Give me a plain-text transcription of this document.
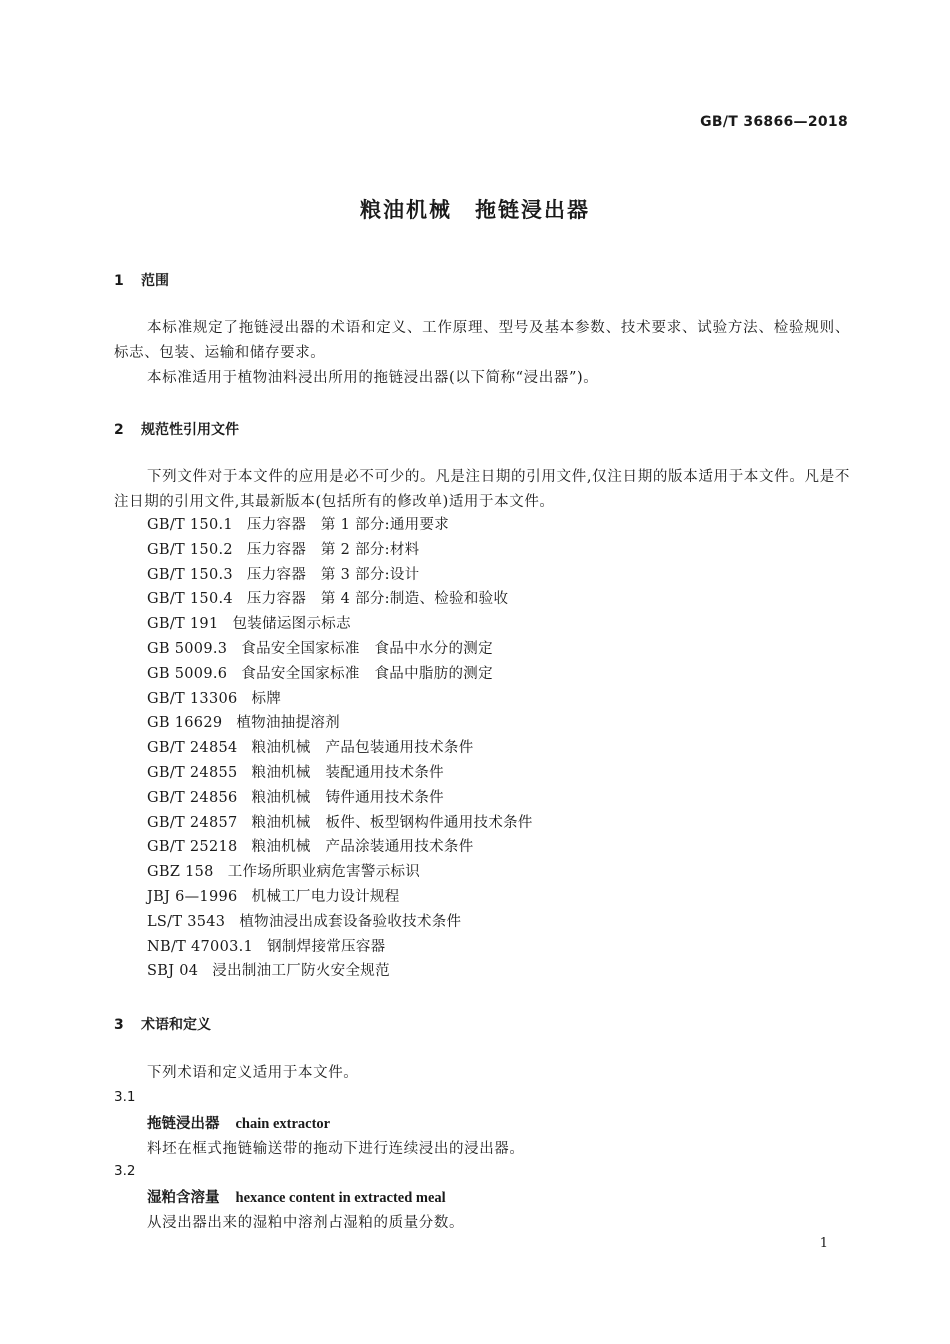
GB/T 36866—2018
粮油机械　拖链浸出器
1 范围
本标准规定了拖链浸出器的术语和定义、工作原理、型号及基本参数、技术要求、试验方法、检验规则、标志、包装、运输和储存要求。
本标准适用于植物油料浸出所用的拖链浸出器(以下简称“浸出器”)。
2 规范性引用文件
下列文件对于本文件的应用是必不可少的。凡是注日期的引用文件,仅注日期的版本适用于本文件。凡是不注日期的引用文件,其最新版本(包括所有的修改单)适用于本文件。
GB/T 150.1 压力容器　第 1 部分:通用要求
GB/T 150.2 压力容器　第 2 部分:材料
GB/T 150.3 压力容器　第 3 部分:设计
GB/T 150.4 压力容器　第 4 部分:制造、检验和验收
GB/T 191 包装储运图示标志
GB 5009.3 食品安全国家标准　食品中水分的测定
GB 5009.6 食品安全国家标准　食品中脂肪的测定
GB/T 13306 标牌
GB 16629 植物油抽提溶剂
GB/T 24854 粮油机械　产品包装通用技术条件
GB/T 24855 粮油机械　装配通用技术条件
GB/T 24856 粮油机械　铸件通用技术条件
GB/T 24857 粮油机械　板件、板型钢构件通用技术条件
GB/T 25218 粮油机械　产品涂装通用技术条件
GBZ 158 工作场所职业病危害警示标识
JBJ 6—1996 机械工厂电力设计规程
LS/T 3543 植物油浸出成套设备验收技术条件
NB/T 47003.1 钢制焊接常压容器
SBJ 04 浸出制油工厂防火安全规范
3 术语和定义
下列术语和定义适用于本文件。
3.1
拖链浸出器 chain extractor
料坯在框式拖链输送带的拖动下进行连续浸出的浸出器。
3.2
湿粕含溶量 hexance content in extracted meal
从浸出器出来的湿粕中溶剂占湿粕的质量分数。
1
